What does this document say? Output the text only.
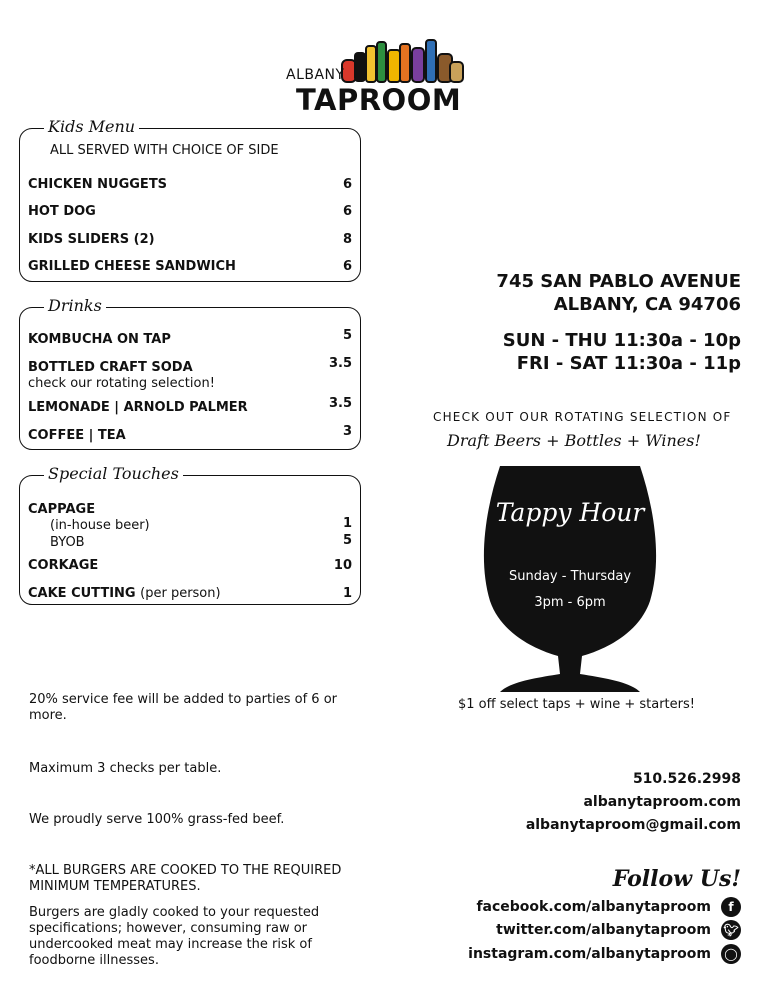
ALBANY
TAPROOM
Kids Menu
ALL SERVED WITH CHOICE OF SIDE
CHICKEN NUGGETS	6
HOT DOG	6
KIDS SLIDERS (2)	8
GRILLED CHEESE SANDWICH	6
Drinks
KOMBUCHA ON TAP	5
BOTTLED CRAFT SODA	3.5
check our rotating selection!
LEMONADE | ARNOLD PALMER	3.5
COFFEE | TEA	3
Special Touches
CAPPAGE
(in-house beer)	1
BYOB	5
CORKAGE	10
CAKE CUTTING (per person)	1
20% service fee will be added to parties of 6 or more.
Maximum 3 checks per table.
We proudly serve 100% grass-fed beef.
*ALL BURGERS ARE COOKED TO THE REQUIRED MINIMUM TEMPERATURES.
Burgers are gladly cooked to your requested specifications; however, consuming raw or undercooked meat may increase the risk of foodborne illnesses.
745 SAN PABLO AVENUE
ALBANY, CA 94706
SUN - THU 11:30a - 10p
FRI - SAT 11:30a - 11p
CHECK OUT OUR ROTATING SELECTION OF
Draft Beers + Bottles + Wines!
Tappy Hour
Sunday - Thursday
3pm - 6pm
$1 off select taps + wine + starters!
510.526.2998
albanytaproom.com
albanytaproom@gmail.com
Follow Us!
facebook.com/albanytaproom	f
twitter.com/albanytaproom 🐦︎
instagram.com/albanytaproom ◯
